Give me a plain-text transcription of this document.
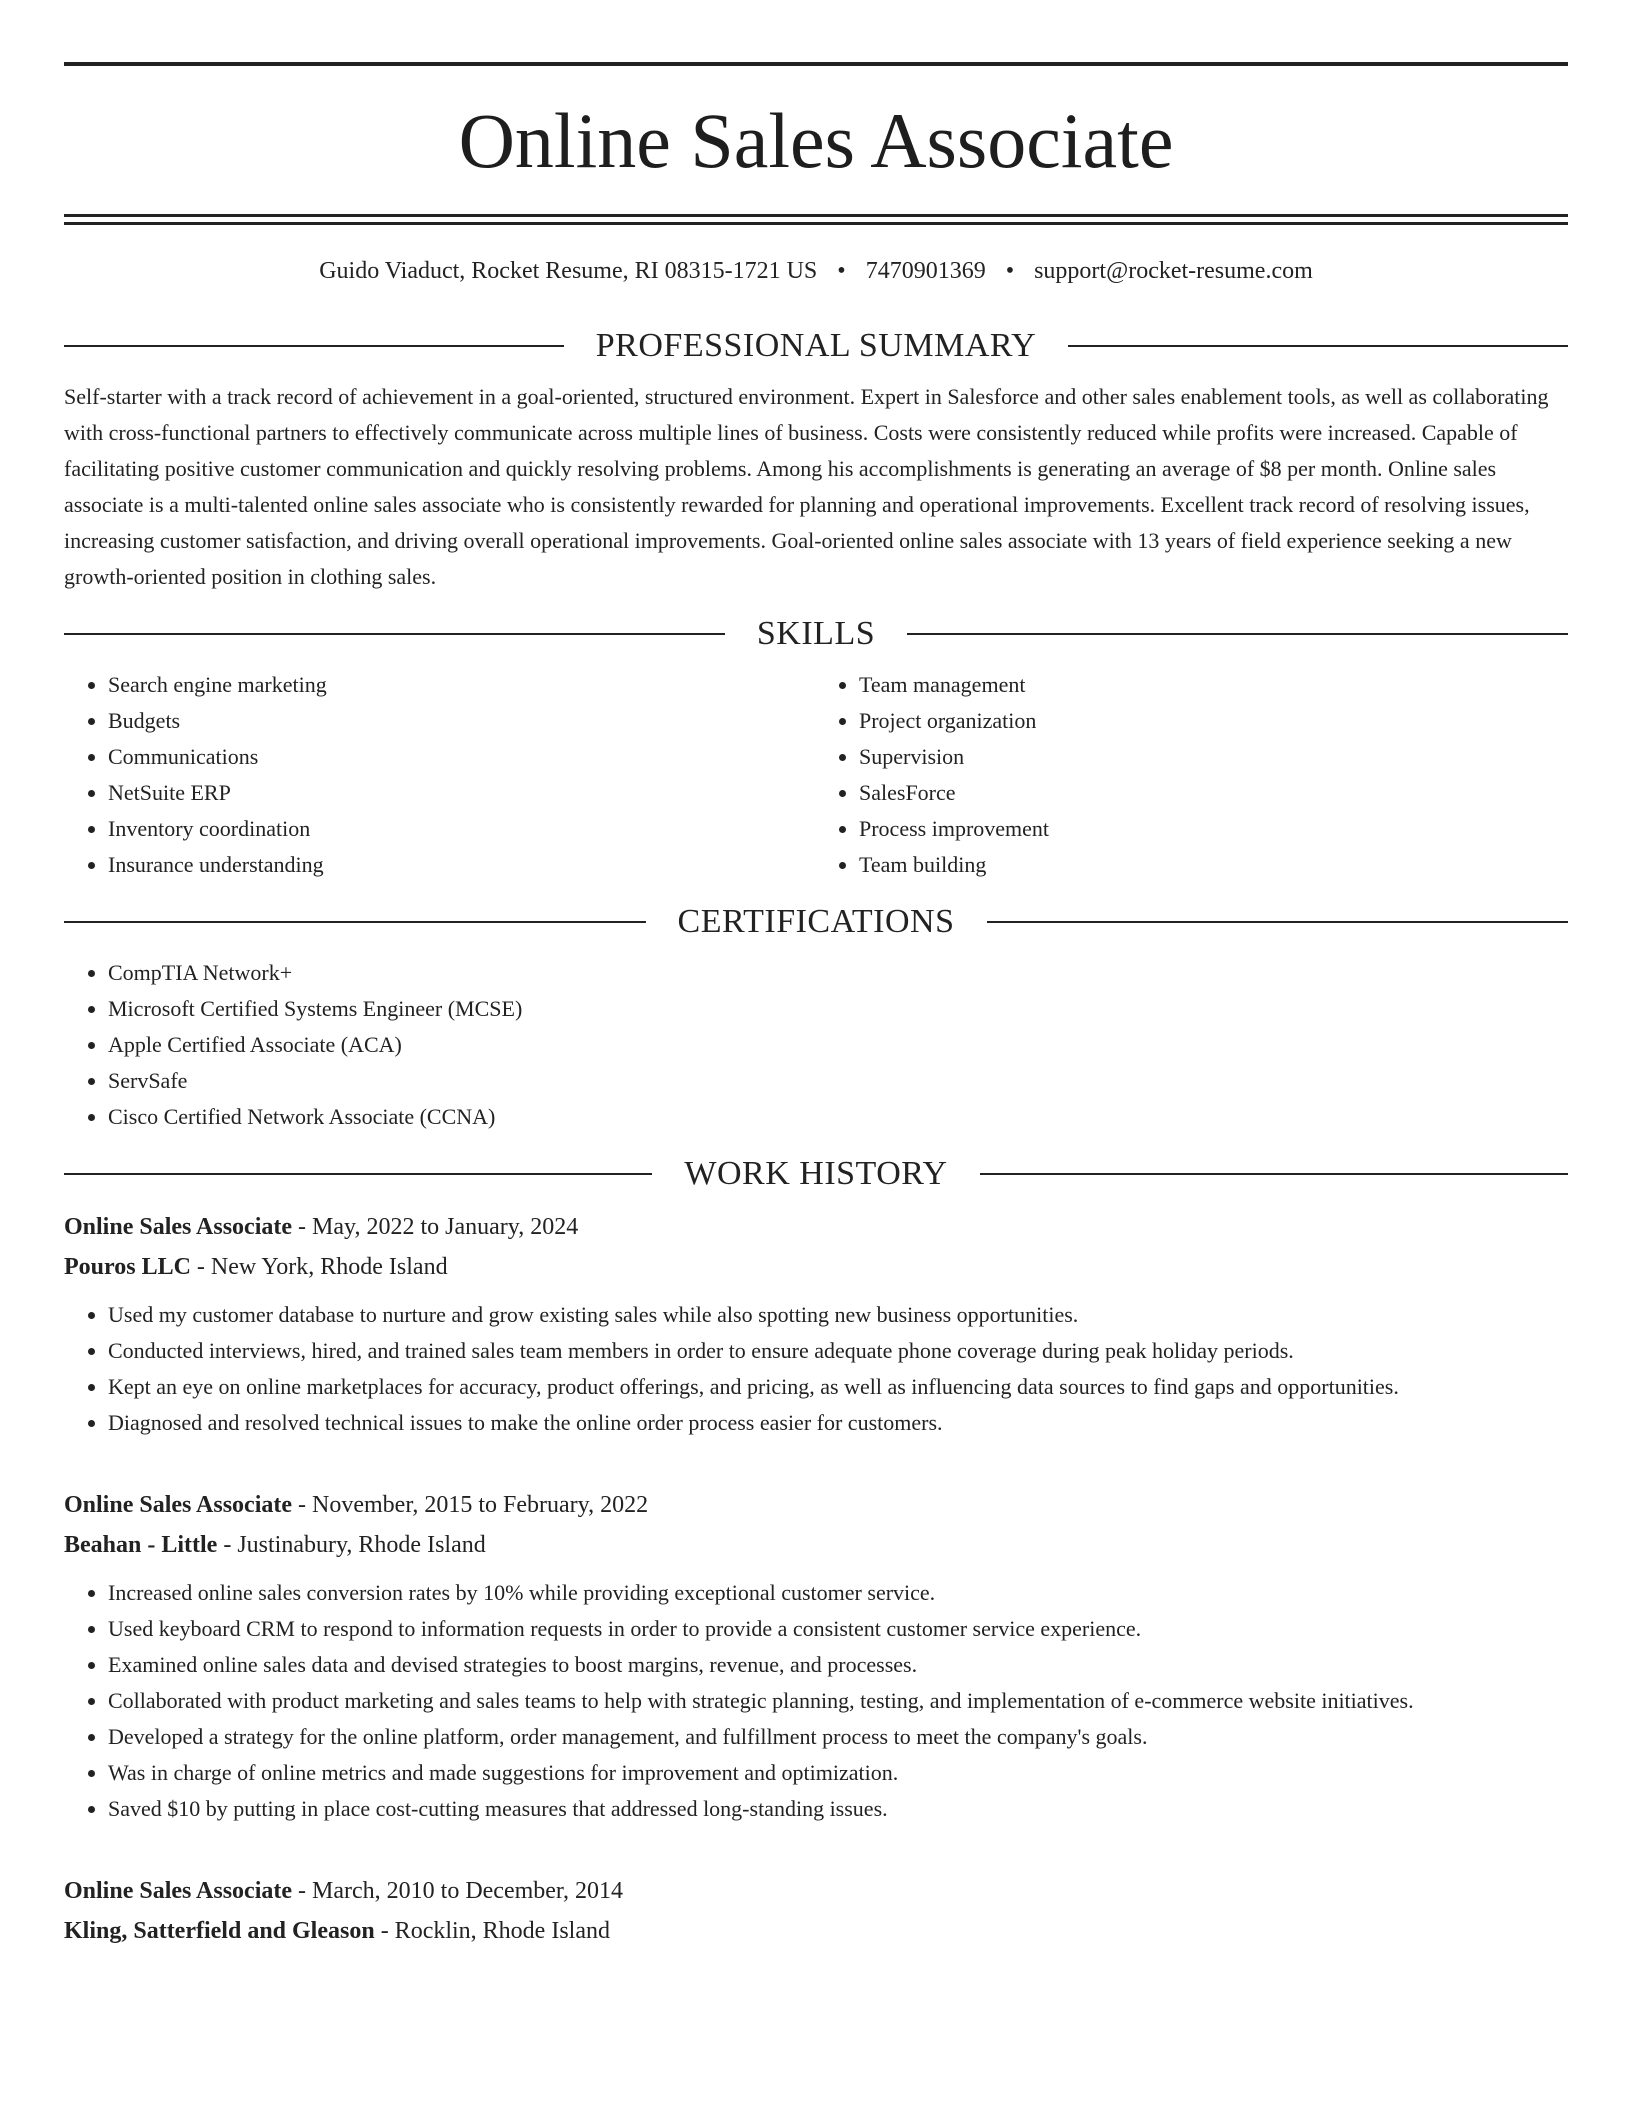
Online Sales Associate
Guido Viaduct, Rocket Resume, RI 08315-1721 US • 7470901369 • support@rocket-resume.com
PROFESSIONAL SUMMARY

Self-starter with a track record of achievement in a goal-oriented, structured environment. Expert in Salesforce and other sales enablement tools, as well as collaborating with cross-functional partners to effectively communicate across multiple lines of business. Costs were consistently reduced while profits were increased. Capable of facilitating positive customer communication and quickly resolving problems. Among his accomplishments is generating an average of $8 per month. Online sales associate is a multi-talented online sales associate who is consistently rewarded for planning and operational improvements. Excellent track record of resolving issues, increasing customer satisfaction, and driving overall operational improvements. Goal-oriented online sales associate with 13 years of field experience seeking a new growth-oriented position in clothing sales.

SKILLS
• Search engine marketing
• Budgets
• Communications
• NetSuite ERP
• Inventory coordination
• Insurance understanding
• Team management
• Project organization
• Supervision
• SalesForce
• Process improvement
• Team building
CERTIFICATIONS
• CompTIA Network+
• Microsoft Certified Systems Engineer (MCSE)
• Apple Certified Associate (ACA)
• ServSafe
• Cisco Certified Network Associate (CCNA)
WORK HISTORY
Online Sales Associate - May, 2022 to January, 2024
Pouros LLC - New York, Rhode Island
• Used my customer database to nurture and grow existing sales while also spotting new business opportunities.
• Conducted interviews, hired, and trained sales team members in order to ensure adequate phone coverage during peak holiday periods.
• Kept an eye on online marketplaces for accuracy, product offerings, and pricing, as well as influencing data sources to find gaps and opportunities.
• Diagnosed and resolved technical issues to make the online order process easier for customers.
Online Sales Associate - November, 2015 to February, 2022
Beahan - Little - Justinabury, Rhode Island
• Increased online sales conversion rates by 10% while providing exceptional customer service.
• Used keyboard CRM to respond to information requests in order to provide a consistent customer service experience.
• Examined online sales data and devised strategies to boost margins, revenue, and processes.
• Collaborated with product marketing and sales teams to help with strategic planning, testing, and implementation of e-commerce website initiatives.
• Developed a strategy for the online platform, order management, and fulfillment process to meet the company's goals.
• Was in charge of online metrics and made suggestions for improvement and optimization.
• Saved $10 by putting in place cost-cutting measures that addressed long-standing issues.
Online Sales Associate - March, 2010 to December, 2014
Kling, Satterfield and Gleason - Rocklin, Rhode Island
